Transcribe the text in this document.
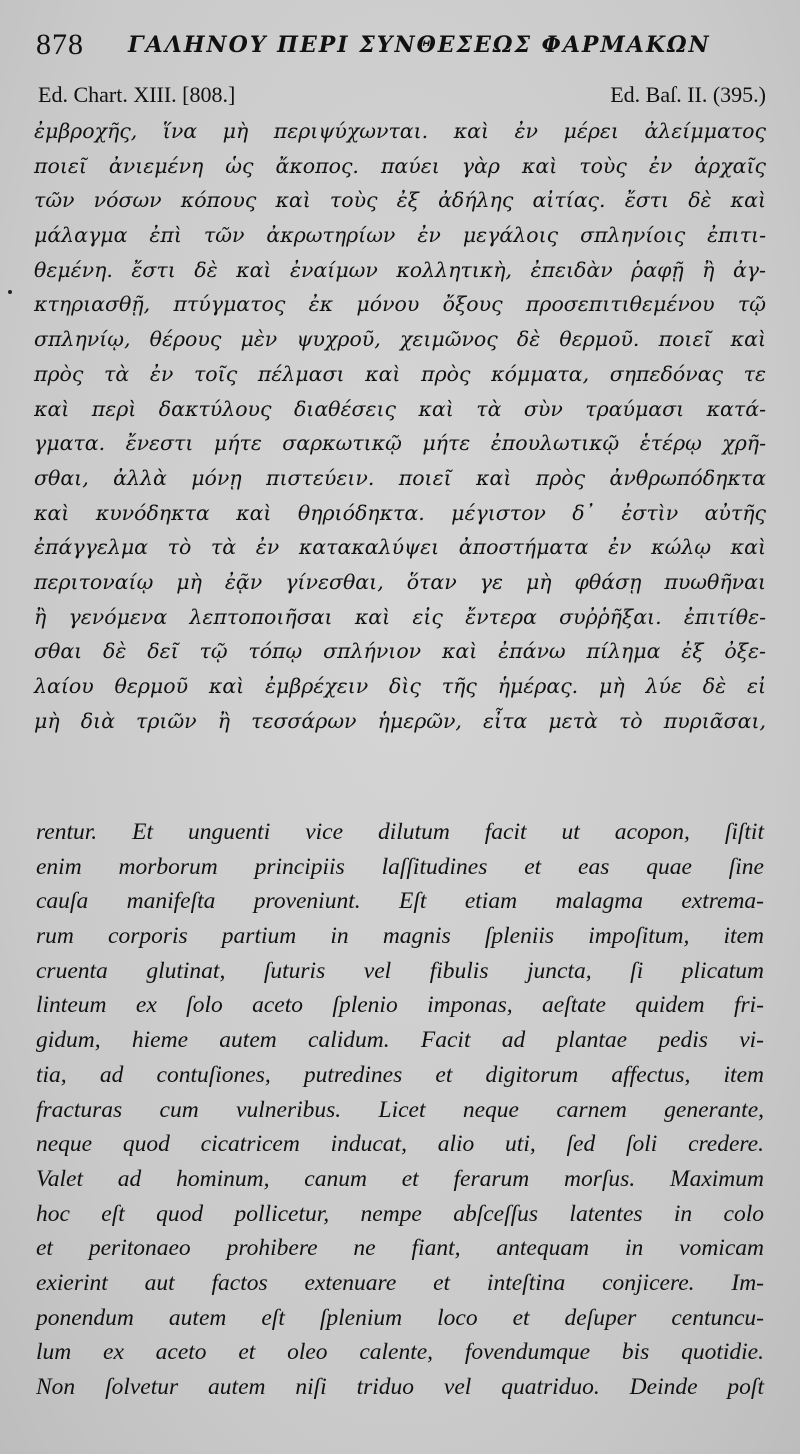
878 ΓΑΛΗΝΟΥ ΠΕΡΙ ΣΥΝΘΕΣΕΩΣ ΦΑΡΜΑΚΩΝ
Ed. Chart. XIII. [808.]	Ed. Baſ. II. (395.)
ἐμβροχῆς, ἵνα μὴ περιψύχωνται. καὶ ἐν μέρει ἀλείμματος
ποιεῖ ἀνιεμένη ὡς ἄκοπος. παύει γὰρ καὶ τοὺς ἐν ἀρχαῖς
τῶν νόσων κόπους καὶ τοὺς ἐξ ἀδήλης αἰτίας. ἔστι δὲ καὶ
μάλαγμα ἐπὶ τῶν ἀκρωτηρίων ἐν μεγάλοις σπληνίοις ἐπιτι-
θεμένη. ἔστι δὲ καὶ ἐναίμων κολλητικὴ, ἐπειδὰν ῥαφῇ ἢ ἀγ-
κτηριασθῇ, πτύγματος ἐκ μόνου ὄξους προσεπιτιθεμένου τῷ
σπληνίῳ, θέρους μὲν ψυχροῦ, χειμῶνος δὲ θερμοῦ. ποιεῖ καὶ
πρὸς τὰ ἐν τοῖς πέλμασι καὶ πρὸς κόμματα, σηπεδόνας τε
καὶ περὶ δακτύλους διαθέσεις καὶ τὰ σὺν τραύμασι κατά-
γματα. ἔνεστι μήτε σαρκωτικῷ μήτε ἐπουλωτικῷ ἑτέρῳ χρῆ-
σθαι, ἀλλὰ μόνῃ πιστεύειν. ποιεῖ καὶ πρὸς ἀνθρωπόδηκτα
καὶ κυνόδηκτα καὶ θηριόδηκτα. μέγιστον δ᾽ ἐστὶν αὐτῆς
ἐπάγγελμα τὸ τὰ ἐν κατακαλύψει ἀποστήματα ἐν κώλῳ καὶ
περιτοναίῳ μὴ ἐᾷν γίνεσθαι, ὅταν γε μὴ φθάσῃ πυωθῆναι
ἢ γενόμενα λεπτοποιῆσαι καὶ εἰς ἔντερα συῤῥῆξαι. ἐπιτίθε-
σθαι δὲ δεῖ τῷ τόπῳ σπλήνιον καὶ ἐπάνω πίλημα ἐξ ὀξε-
λαίου θερμοῦ καὶ ἐμβρέχειν δὶς τῆς ἡμέρας. μὴ λύε δὲ εἰ
μὴ διὰ τριῶν ἢ τεσσάρων ἡμερῶν, εἶτα μετὰ τὸ πυριᾶσαι,
rentur. Et unguenti vice dilutum facit ut acopon, ſiſtit
enim morborum principiis laſſitudines et eas quae ſine
cauſa manifeſta proveniunt. Eſt etiam malagma extrema-
rum corporis partium in magnis ſpleniis impoſitum, item
cruenta glutinat, ſuturis vel fibulis juncta, ſi plicatum
linteum ex ſolo aceto ſplenio imponas, aeſtate quidem fri-
gidum, hieme autem calidum. Facit ad plantae pedis vi-
tia, ad contuſiones, putredines et digitorum affectus, item
fracturas cum vulneribus. Licet neque carnem generante,
neque quod cicatricem inducat, alio uti, ſed ſoli credere.
Valet ad hominum, canum et ferarum morſus. Maximum
hoc eſt quod pollicetur, nempe abſceſſus latentes in colo
et peritonaeo prohibere ne fiant, antequam in vomicam
exierint aut factos extenuare et inteſtina conjicere. Im-
ponendum autem eſt ſplenium loco et deſuper centuncu-
lum ex aceto et oleo calente, fovendumque bis quotidie.
Non ſolvetur autem niſi triduo vel quatriduo. Deinde poſt
